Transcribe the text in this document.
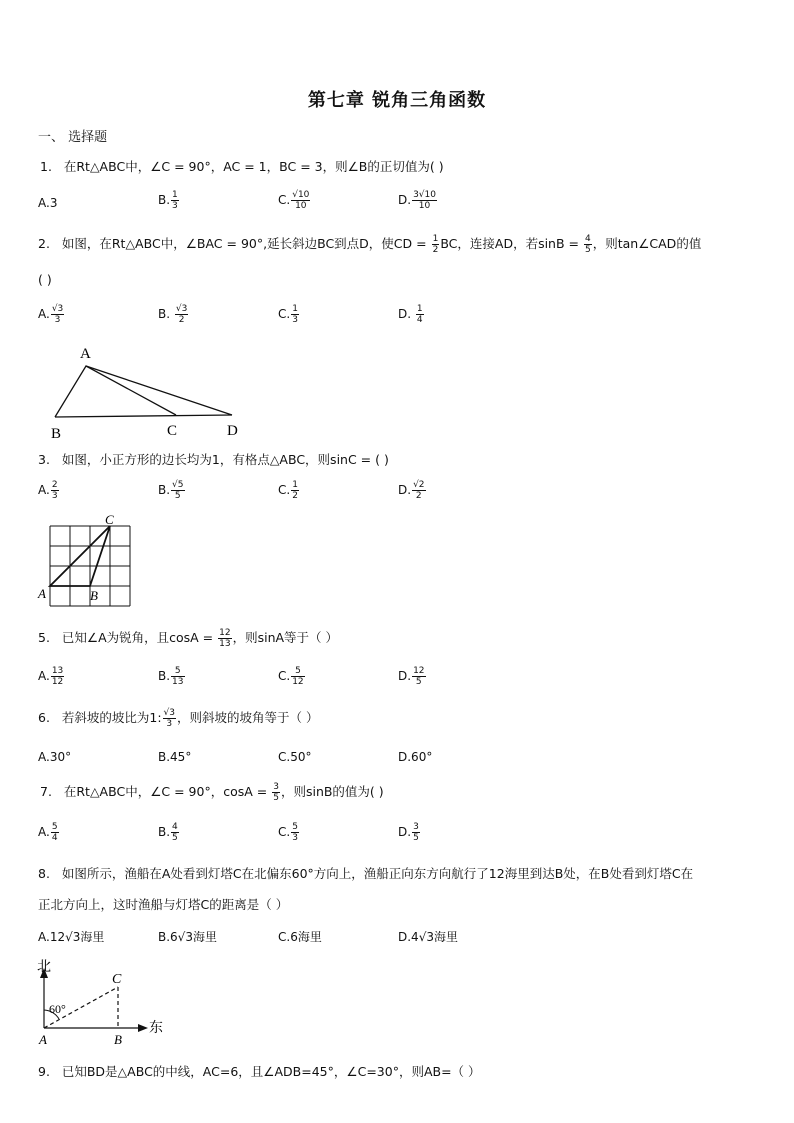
第七章 锐角三角函数
一、 选择题
1. 在Rt△ABC中，∠C = 90°，AC = 1，BC = 3，则∠B的正切值为( )
A.3	B. $\frac{1}{3}$	C. $\frac{√10}{10}$	D. $\frac{3√10}{10}$
2. 如图，在Rt△ABC中，∠BAC = 90°,延长斜边BC到点D，使CD = $\frac{1}{2}$ BC，连接AD，若$\sin B = \frac{4}{5}$ ，则tan∠CAD的值
( )
A. $\frac{√3}{3}$	B. $\frac{√3}{2}$	C. $\frac{1}{3}$	D. $\frac{1}{4}$
A
B	C	D
3. 如图，小正方形的边长均为1，有格点△ABC，则sinC = ( )
A. $\frac{2}{3}$	B. $\frac{√5}{5}$	C. $\frac{1}{2}$	D. $\frac{√2}{2}$
A	B
C
5. 已知∠A为锐角，且$\cos A = \frac{12}{13}$ ，则sinA等于（ ）
A. $\frac{13}{12}$	B. $\frac{5}{13}$	C. $\frac{5}{12}$	D. $\frac{12}{5}$
6. 若斜坡的坡比为1: $\frac{√3}{3}$ ，则斜坡的坡角等于（ ）
A.30°	B.45°	C.50°	D.60°
7. 在Rt△ABC中，∠C = 90°，$\cos A = \frac{3}{5}$ ，则sinB的值为( )
A. $\frac{5}{4}$	B. $\frac{4}{5}$	C. $\frac{5}{3}$	D. $\frac{3}{5}$
8. 如图所示，渔船在A处看到灯塔C在北偏东60°方向上，渔船正向东方向航行了12海里到达B处，在B处看到灯塔C在
正北方向上，这时渔船与灯塔C的距离是（ ）
A.12√3海里	B.6√3海里	C.6海里	D.4√3海里
北
东
60°
A	B
C
9. 已知BD是△ABC的中线，AC=6，且∠ADB=45°，∠C=30°，则AB=（ ）
